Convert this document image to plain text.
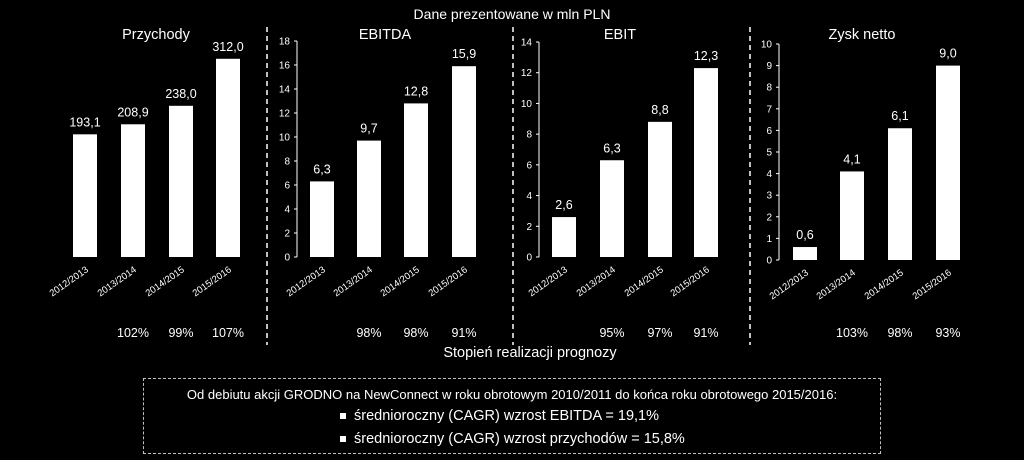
Dane prezentowane w mln PLN
Stopień realizacji prognozy
Przychody
193,1
2012/2013
208,9
2013/2014
102%
238,0
2014/2015
99%
312,0
2015/2016
107%
EBITDA
0
2
4
6
8
10
12
14
16
18
6,3
2012/2013
9,7
2013/2014
98%
12,8
2014/2015
98%
15,9
2015/2016
91%
EBIT
0
2
4
6
8
10
12
14
2,6
2012/2013
6,3
2013/2014
95%
8,8
2014/2015
97%
12,3
2015/2016
91%
Zysk netto
0
1
2
3
4
5
6
7
8
9
10
0,6
2012/2013
4,1
2013/2014
103%
6,1
2014/2015
98%
9,0
2015/2016
93%
Od debiutu akcji GRODNO na NewConnect w roku obrotowym 2010/2011 do końca roku obrotowego 2015/2016:
średnioroczny (CAGR) wzrost EBITDA = 19,1%
średnioroczny (CAGR) wzrost przychodów = 15,8%
